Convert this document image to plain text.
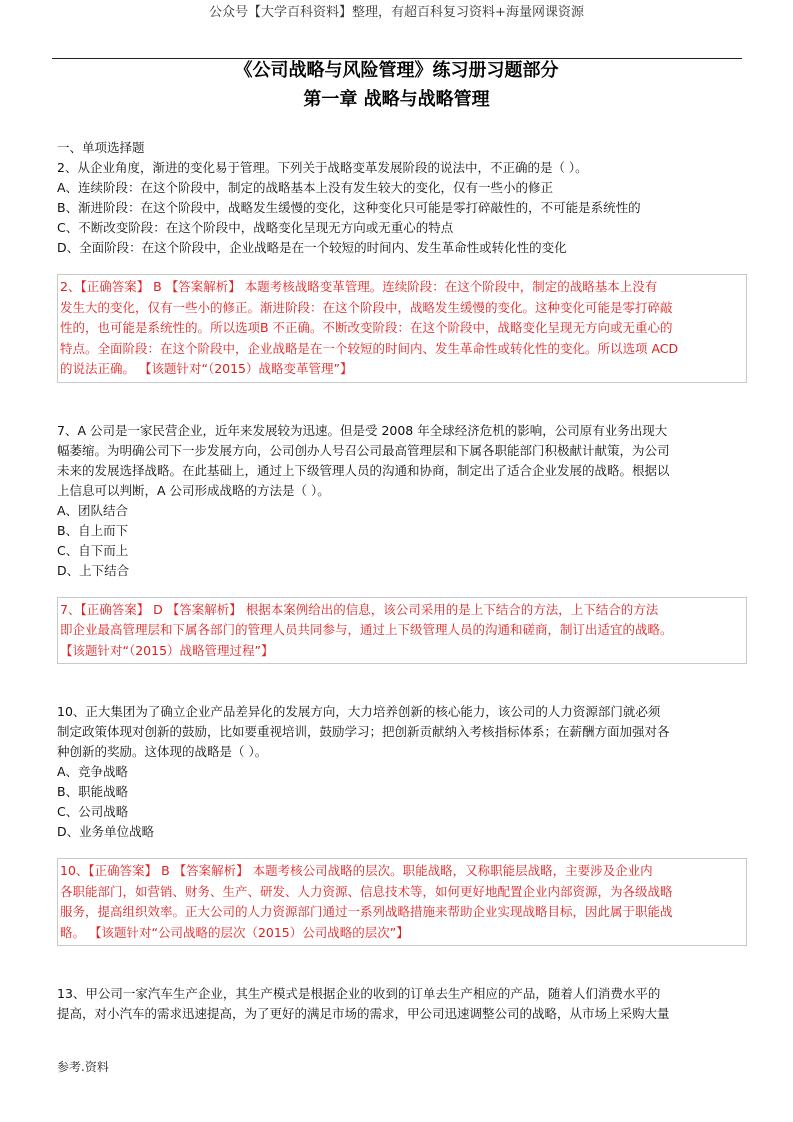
公众号【大学百科资料】整理，有超百科复习资料+海量网课资源
《公司战略与风险管理》练习册习题部分
第一章 战略与战略管理

一、单项选择题

2、从企业角度，渐进的变化易于管理。下列关于战略变革发展阶段的说法中，不正确的是（ ）。

A、连续阶段：在这个阶段中，制定的战略基本上没有发生较大的变化，仅有一些小的修正

B、渐进阶段：在这个阶段中，战略发生缓慢的变化，这种变化只可能是零打碎敲性的，不可能是系统性的

C、不断改变阶段：在这个阶段中，战略变化呈现无方向或无重心的特点

D、全面阶段：在这个阶段中，企业战略是在一个较短的时间内、发生革命性或转化性的变化

2、【正确答案】 B 【答案解析】 本题考核战略变革管理。连续阶段：在这个阶段中，制定的战略基本上没有

发生大的变化，仅有一些小的修正。渐进阶段：在这个阶段中，战略发生缓慢的变化。这种变化可能是零打碎敲

性的，也可能是系统性的。所以选项B 不正确。不断改变阶段：在这个阶段中，战略变化呈现无方向或无重心的

特点。全面阶段：在这个阶段中，企业战略是在一个较短的时间内、发生革命性或转化性的变化。所以选项 ACD

的说法正确。 【该题针对“（2015）战略变革管理”】

7、A 公司是一家民营企业，近年来发展较为迅速。但是受 2008 年全球经济危机的影响，公司原有业务出现大

幅萎缩。为明确公司下一步发展方向，公司创办人号召公司最高管理层和下属各职能部门积极献计献策，为公司

未来的发展选择战略。在此基础上，通过上下级管理人员的沟通和协商，制定出了适合企业发展的战略。根据以

上信息可以判断，A 公司形成战略的方法是（ ）。

A、团队结合

B、自上而下

C、自下而上

D、上下结合

7、【正确答案】 D 【答案解析】 根据本案例给出的信息，该公司采用的是上下结合的方法，上下结合的方法

即企业最高管理层和下属各部门的管理人员共同参与，通过上下级管理人员的沟通和磋商，制订出适宜的战略。

【该题针对“（2015）战略管理过程”】

10、正大集团为了确立企业产品差异化的发展方向，大力培养创新的核心能力，该公司的人力资源部门就必须

制定政策体现对创新的鼓励，比如要重视培训，鼓励学习；把创新贡献纳入考核指标体系；在薪酬方面加强对各

种创新的奖励。这体现的战略是（ ）。

A、竞争战略

B、职能战略

C、公司战略

D、业务单位战略

10、【正确答案】 B 【答案解析】 本题考核公司战略的层次。职能战略，又称职能层战略，主要涉及企业内

各职能部门，如营销、财务、生产、研发、人力资源、信息技术等，如何更好地配置企业内部资源，为各级战略

服务，提高组织效率。正大公司的人力资源部门通过一系列战略措施来帮助企业实现战略目标，因此属于职能战

略。 【该题针对“公司战略的层次（2015）公司战略的层次”】

13、甲公司一家汽车生产企业，其生产模式是根据企业的收到的订单去生产相应的产品，随着人们消费水平的

提高，对小汽车的需求迅速提高，为了更好的满足市场的需求，甲公司迅速调整公司的战略，从市场上采购大量

参考.资料
